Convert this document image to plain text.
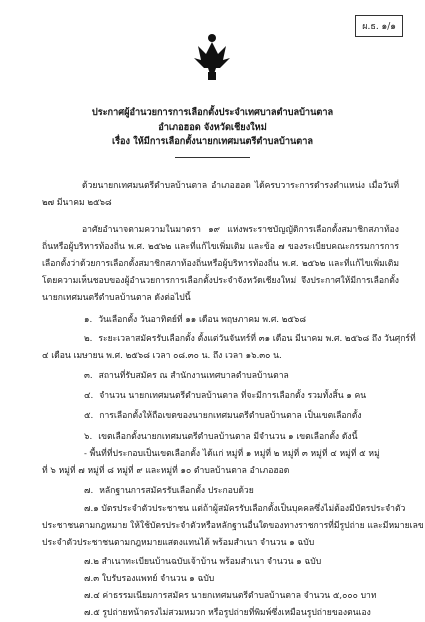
ผ.ธ. ๑/๑
ประกาศผู้อำนวยการการเลือกตั้งประจำเทศบาลตำบลบ้านตาล
อำเภอฮอด จังหวัดเชียงใหม่
เรื่อง ให้มีการเลือกตั้งนายกเทศมนตรีตำบลบ้านตาล
ด้วยนายกเทศมนตรีตำบลบ้านตาล อำเภอฮอด ได้ครบวาระการดำรงตำแหน่ง เมื่อวันที่ ๒๗ มีนาคม ๒๕๖๘
อาศัยอำนาจตามความในมาตรา ๑๙ แห่งพระราชบัญญัติการเลือกตั้งสมาชิกสภาท้องถิ่นหรือผู้บริหารท้องถิ่น พ.ศ. ๒๕๖๒ และที่แก้ไขเพิ่มเติม และข้อ ๗ ของระเบียบคณะกรรมการการเลือกตั้งว่าด้วยการเลือกตั้งสมาชิกสภาท้องถิ่นหรือผู้บริหารท้องถิ่น พ.ศ. ๒๕๖๒ และที่แก้ไขเพิ่มเติม โดยความเห็นชอบของผู้อำนวยการการเลือกตั้งประจำจังหวัดเชียงใหม่ จึงประกาศให้มีการเลือกตั้งนายกเทศมนตรีตำบลบ้านตาล ดังต่อไปนี้
๑. วันเลือกตั้ง วันอาทิตย์ที่ ๑๑ เดือน พฤษภาคม พ.ศ. ๒๕๖๘
๒. ระยะเวลาสมัครรับเลือกตั้ง ตั้งแต่วันจันทร์ที่ ๓๑ เดือน มีนาคม พ.ศ. ๒๕๖๘ ถึง วันศุกร์ที่
๔ เดือน เมษายน พ.ศ. ๒๕๖๘ เวลา ๐๘.๓๐ น. ถึง เวลา ๑๖.๓๐ น.
๓. สถานที่รับสมัคร ณ สำนักงานเทศบาลตำบลบ้านตาล
๔. จำนวน นายกเทศมนตรีตำบลบ้านตาล ที่จะมีการเลือกตั้ง รวมทั้งสิ้น ๑ คน
๕. การเลือกตั้งให้ถือเขตของนายกเทศมนตรีตำบลบ้านตาล เป็นเขตเลือกตั้ง
๖. เขตเลือกตั้งนายกเทศมนตรีตำบลบ้านตาล มีจำนวน ๑ เขตเลือกตั้ง ดังนี้
- พื้นที่ที่ประกอบเป็นเขตเลือกตั้ง ได้แก่ หมู่ที่ ๑ หมู่ที่ ๒ หมู่ที่ ๓ หมู่ที่ ๔ หมู่ที่ ๕ หมู่
ที่ ๖ หมู่ที่ ๗ หมู่ที่ ๘ หมู่ที่ ๙ และหมู่ที่ ๑๐ ตำบลบ้านตาล อำเภอฮอด
๗. หลักฐานการสมัครรับเลือกตั้ง ประกอบด้วย
๗.๑ บัตรประจำตัวประชาชน แต่ถ้าผู้สมัครรับเลือกตั้งเป็นบุคคลซึ่งไม่ต้องมีบัตรประจำตัว
ประชาชนตามกฎหมาย ให้ใช้บัตรประจำตัวหรือหลักฐานอื่นใดของทางราชการที่มีรูปถ่าย และมีหมายเลข
ประจำตัวประชาชนตามกฎหมายแสดงแทนได้ พร้อมสำเนา จำนวน ๑ ฉบับ
๗.๒ สำเนาทะเบียนบ้านฉบับเจ้าบ้าน พร้อมสำเนา จำนวน ๑ ฉบับ
๗.๓ ใบรับรองแพทย์ จำนวน ๑ ฉบับ
๗.๔ ค่าธรรมเนียมการสมัคร นายกเทศมนตรีตำบลบ้านตาล จำนวน ๕,๐๐๐ บาท
๗.๕ รูปถ่ายหน้าตรงไม่สวมหมวก หรือรูปถ่ายที่พิมพ์ซึ่งเหมือนรูปถ่ายของตนเอง
